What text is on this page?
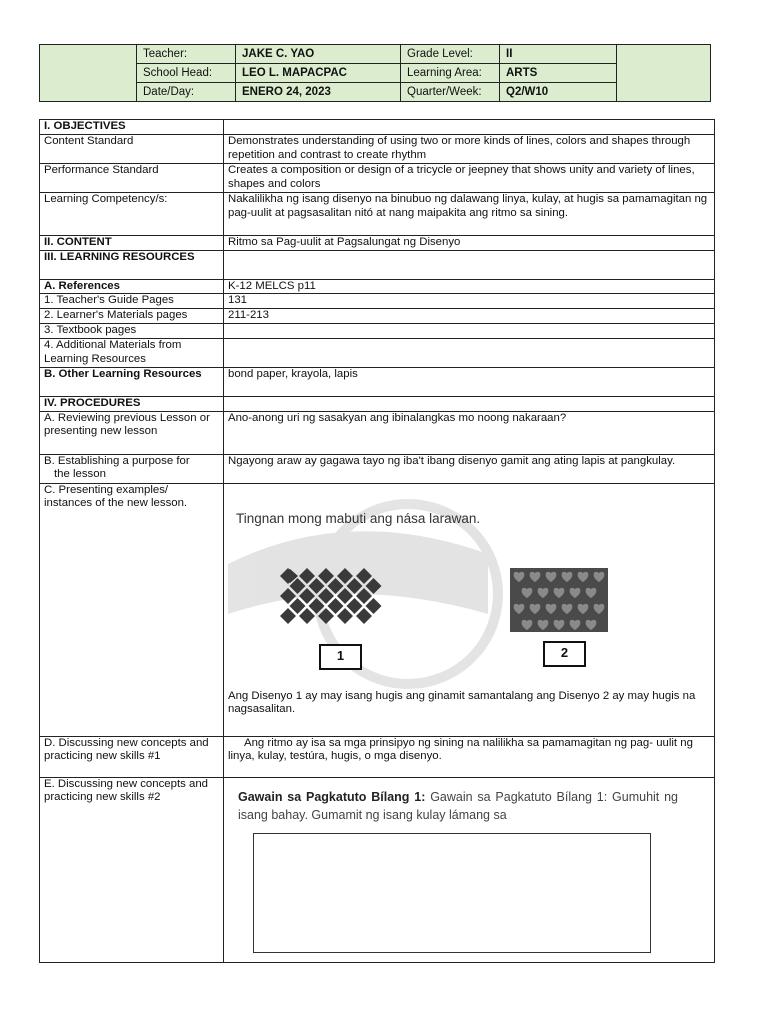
	Teacher:	JAKE C. YAO	Grade Level:	II	
	School Head:	LEO L. MAPACPAC	Learning Area:	ARTS	
	Date/Day:	ENERO 24, 2023	Quarter/Week:	Q2/W10	
I. OBJECTIVES	
Content Standard	Demonstrates understanding of using two or more kinds of lines, colors and shapes through repetition and contrast to create rhythm
Performance Standard	Creates a composition or design of a tricycle or jeepney that shows unity and variety of lines, shapes and colors
Learning Competency/s:	Nakalilikha ng isang disenyo na binubuo ng dalawang linya, kulay, at hugis sa pamamagitan ng pag-uulit at pagsasalitan nitó at nang maipakita ang ritmo sa sining.
II. CONTENT	Ritmo sa Pag-uulit at Pagsalungat ng Disenyo
III. LEARNING RESOURCES	
A. References	K-12 MELCS p11
1. Teacher's Guide Pages	131
2. Learner's Materials pages	211-213
3. Textbook pages	
4. Additional Materials from Learning Resources	
B. Other Learning Resources	bond paper, krayola, lapis
IV. PROCEDURES	
A. Reviewing previous Lesson or presenting new lesson	Ano-anong uri ng sasakyan ang ibinalangkas mo noong nakaraan?
B. Establishing a purpose for
the lesson	Ngayong araw ay gagawa tayo ng iba't ibang disenyo gamit ang ating lapis at pangkulay.
C. Presenting examples/ instances of the new lesson.	Tingnan mong mabuti ang nása larawan.
1 2
Ang Disenyo 1 ay may isang hugis ang ginamit samantalang ang Disenyo 2 ay may hugis na nagsasalitan.

D. Discussing new concepts and practicing new skills #1	Ang ritmo ay isa sa mga prinsipyo ng sining na nalilikha sa pamamagitan ng pag- uulit ng linya, kulay, testúra, hugis, o mga disenyo.
E. Discussing new concepts and practicing new skills #2	Gawain sa Pagkatuto Bílang 1: Gawain sa Pagkatuto Bílang 1: Gumuhit ng isang bahay. Gumamit ng isang kulay lámang sa
